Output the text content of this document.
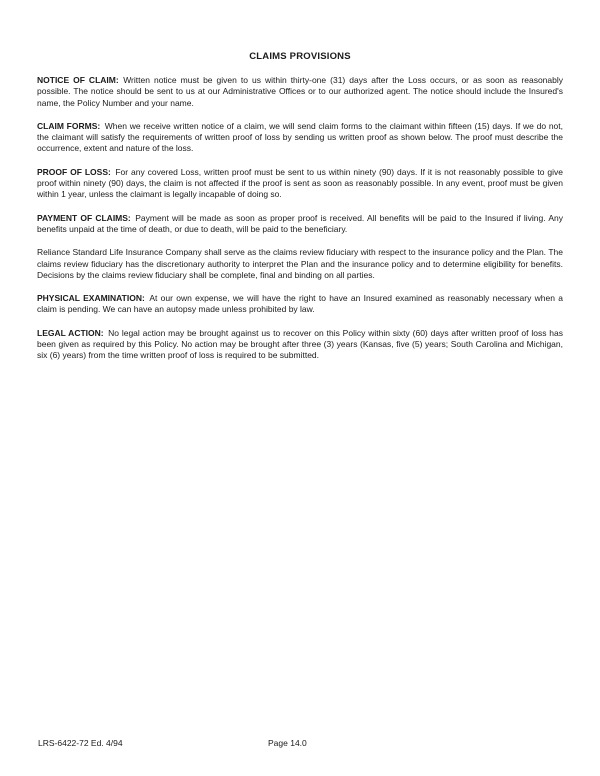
CLAIMS PROVISIONS

NOTICE OF CLAIM: Written notice must be given to us within thirty-one (31) days after the Loss occurs, or as soon as reasonably possible. The notice should be sent to us at our Administrative Offices or to our authorized agent. The notice should include the Insured's name, the Policy Number and your name.

CLAIM FORMS: When we receive written notice of a claim, we will send claim forms to the claimant within fifteen (15) days. If we do not, the claimant will satisfy the requirements of written proof of loss by sending us written proof as shown below. The proof must describe the occurrence, extent and nature of the loss.

PROOF OF LOSS: For any covered Loss, written proof must be sent to us within ninety (90) days. If it is not reasonably possible to give proof within ninety (90) days, the claim is not affected if the proof is sent as soon as reasonably possible. In any event, proof must be given within 1 year, unless the claimant is legally incapable of doing so.

PAYMENT OF CLAIMS: Payment will be made as soon as proper proof is received. All benefits will be paid to the Insured if living. Any benefits unpaid at the time of death, or due to death, will be paid to the beneficiary.

Reliance Standard Life Insurance Company shall serve as the claims review fiduciary with respect to the insurance policy and the Plan. The claims review fiduciary has the discretionary authority to interpret the Plan and the insurance policy and to determine eligibility for benefits. Decisions by the claims review fiduciary shall be complete, final and binding on all parties.

PHYSICAL EXAMINATION: At our own expense, we will have the right to have an Insured examined as reasonably necessary when a claim is pending. We can have an autopsy made unless prohibited by law.

LEGAL ACTION: No legal action may be brought against us to recover on this Policy within sixty (60) days after written proof of loss has been given as required by this Policy. No action may be brought after three (3) years (Kansas, five (5) years; South Carolina and Michigan, six (6) years) from the time written proof of loss is required to be submitted.

LRS-6422-72 Ed. 4/94	Page 14.0
